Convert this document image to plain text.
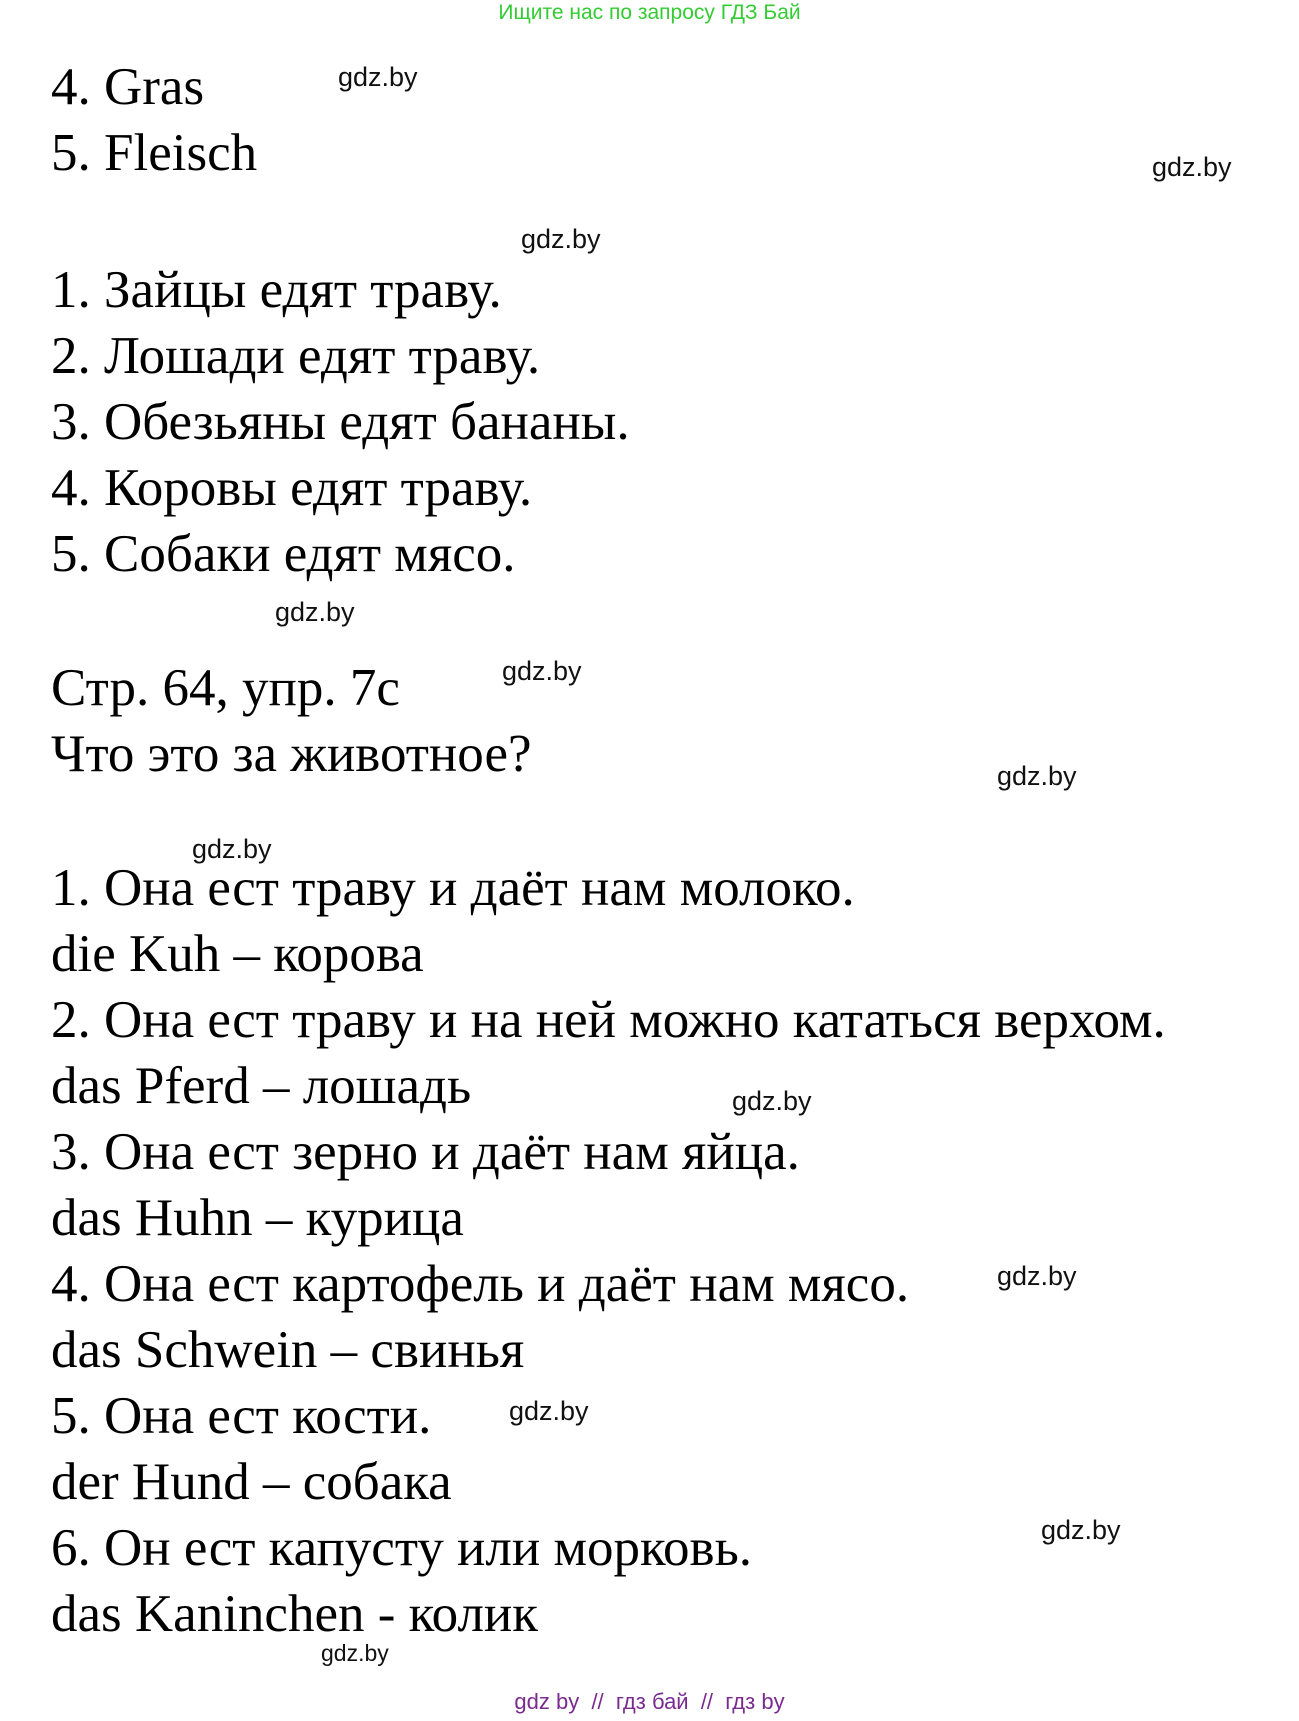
Ищите нас по запросу ГДЗ Бай
4. Gras
5. Fleisch
1. Зайцы едят траву.
2. Лошади едят траву.
3. Обезьяны едят бананы.
4. Коровы едят траву.
5. Собаки едят мясо.
Стр. 64, упр. 7с
Что это за животное?
1. Она ест траву и даёт нам молоко.
die Kuh – корова
2. Она ест траву и на ней можно кататься верхом.
das Pferd – лошадь
3. Она ест зерно и даёт нам яйца.
das Huhn – курица
4. Она ест картофель и даёт нам мясо.
das Schwein – свинья
5. Она ест кости.
der Hund – собака
6. Он ест капусту или морковь.
das Kaninchen - колик
gdz.by
gdz.by
gdz.by
gdz.by
gdz.by
gdz.by
gdz.by
gdz.by
gdz.by
gdz.by
gdz.by
gdz.by
gdz by  //  гдз бай  //  гдз by
